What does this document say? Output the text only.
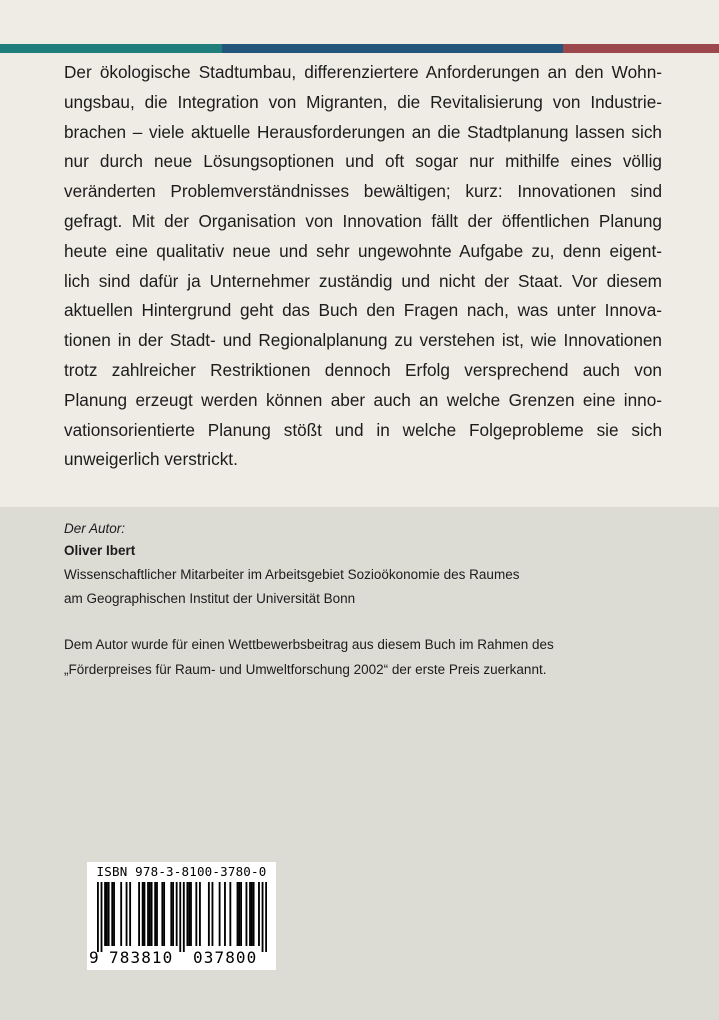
Der ökologische Stadtumbau, differenziertere Anforderungen an den Wohn-
ungsbau, die Integration von Migranten, die Revitalisierung von Industrie-
brachen – viele aktuelle Herausforderungen an die Stadtplanung lassen sich
nur durch neue Lösungsoptionen und oft sogar nur mithilfe eines völlig
veränderten Problemverständnisses bewältigen; kurz: Innovationen sind
gefragt. Mit der Organisation von Innovation fällt der öffentlichen Planung
heute eine qualitativ neue und sehr ungewohnte Aufgabe zu, denn eigent-
lich sind dafür ja Unternehmer zuständig und nicht der Staat. Vor diesem
aktuellen Hintergrund geht das Buch den Fragen nach, was unter Innova-
tionen in der Stadt- und Regionalplanung zu verstehen ist, wie Innovationen
trotz zahlreicher Restriktionen dennoch Erfolg versprechend auch von
Planung erzeugt werden können aber auch an welche Grenzen eine inno-
vationsorientierte Planung stößt und in welche Folgeprobleme sie sich
unweigerlich verstrickt.
Der Autor:
Oliver Ibert
Wissenschaftlicher Mitarbeiter im Arbeitsgebiet Sozioökonomie des Raumes
am Geographischen Institut der Universität Bonn
Dem Autor wurde für einen Wettbewerbsbeitrag aus diesem Buch im Rahmen des
„Förderpreises für Raum- und Umweltforschung 2002“ der erste Preis zuerkannt.
ISBN 978-3-8100-3780-0
9 783810 037800
